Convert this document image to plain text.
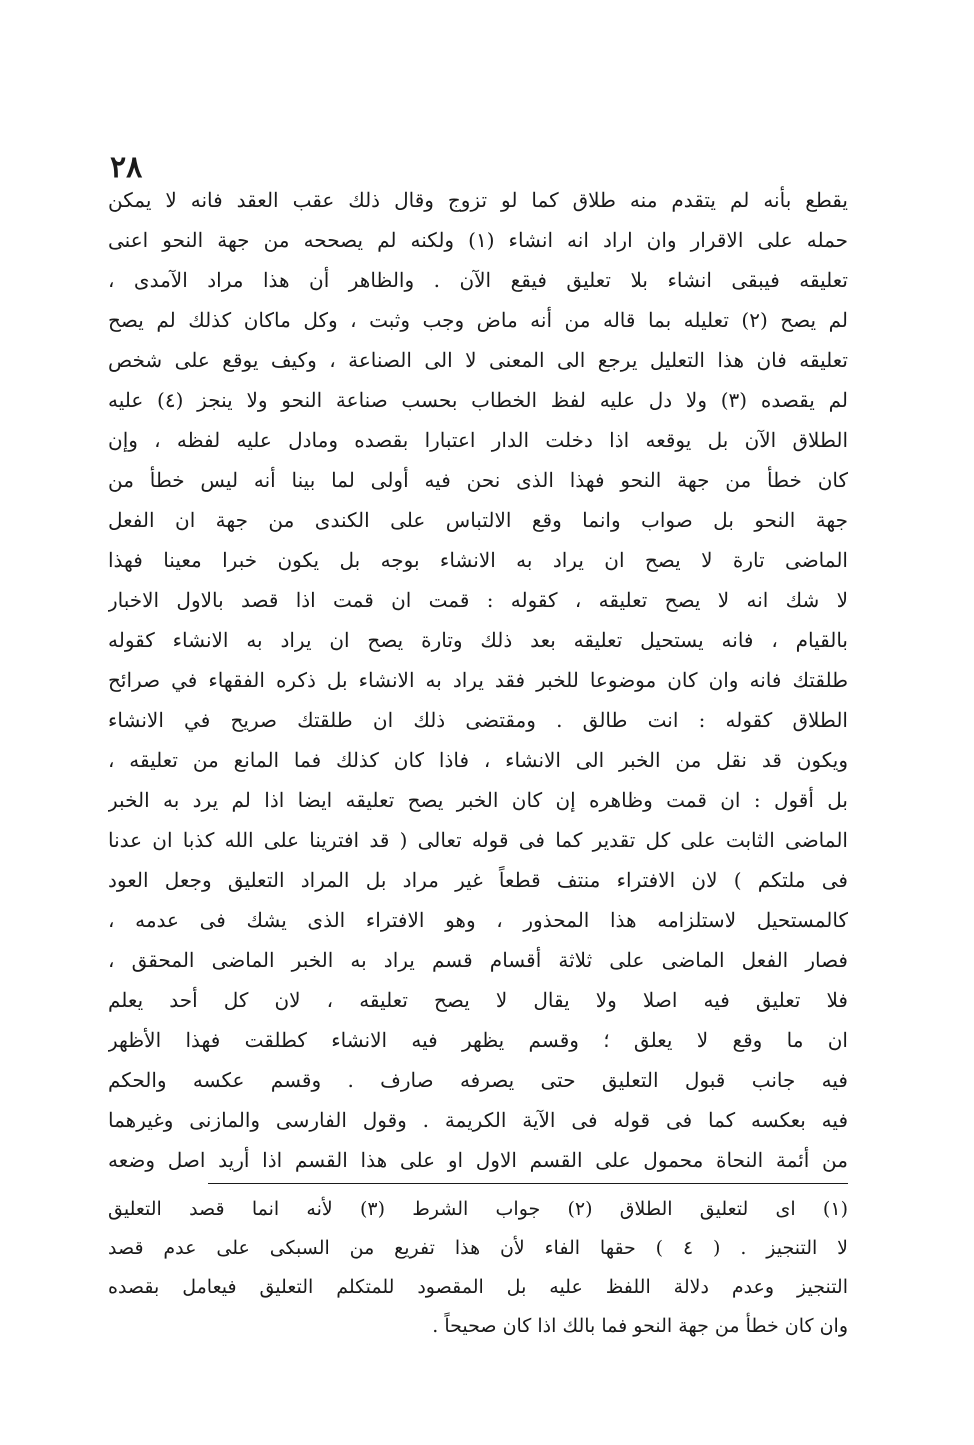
٢٨
يقطع بأنه لم يتقدم منه طلاق كما لو تزوج وقال ذلك عقب العقد فانه لا يمكن
حمله على الاقرار وان اراد انه انشاء (١) ولكنه لم يصححه من جهة النحو اعنى
تعليقه فيبقى انشاء بلا تعليق فيقع الآن . والظاهر أن هذا مراد الآمدى ،
لم يصح (٢) تعليله بما قاله من أنه ماض وجب وثبت ، وكل ماكان كذلك لم يصح
تعليقه فان هذا التعليل يرجع الى المعنى لا الى الصناعة ، وكيف يوقع على شخص
لم يقصده (٣) ولا دل عليه لفظ الخطاب بحسب صناعة النحو ولا ينجز (٤) عليه
الطلاق الآن بل يوقعه اذا دخلت الدار اعتبارا بقصده ومادل عليه لفظه ، وإن
كان خطأ من جهة النحو فهذا الذى نحن فيه أولى لما بينا أنه ليس خطأ من
جهة النحو بل صواب وانما وقع الالتباس على الكندى من جهة ان الفعل
الماضى تارة لا يصح ان يراد به الانشاء بوجه بل يكون خبرا معينا فهذا
لا شك انه لا يصح تعليقه ، كقوله : قمت ان قمت اذا قصد بالاول الاخبار
بالقيام ، فانه يستحيل تعليقه بعد ذلك وتارة يصح ان يراد به الانشاء كقوله
طلقتك فانه وان كان موضوعا للخبر فقد يراد به الانشاء بل ذكره الفقهاء في صرائح
الطلاق كقوله : انت طالق . ومقتضى ذلك ان طلقتك صريح في الانشاء
ويكون قد نقل من الخبر الى الانشاء ، فاذا كان كذلك فما المانع من تعليقه ،
بل أقول : ان قمت وظاهره إن كان الخبر يصح تعليقه ايضا اذا لم يرد به الخبر
الماضى الثابت على كل تقدير كما فى قوله تعالى ( قد افترينا على الله كذبا ان عدنا
فى ملتكم ) لان الافتراء منتف قطعاً غير مراد بل المراد التعليق وجعل العود
كالمستحيل لاستلزامه هذا المحذور ، وهو الافتراء الذى يشك فى عدمه ،
فصار الفعل الماضى على ثلاثة أقسام قسم يراد به الخبر الماضى المحقق ،
فلا تعليق فيه اصلا ولا يقال لا يصح تعليقه ، لان كل أحد يعلم
ان ما وقع لا يعلق ؛ وقسم يظهر فيه الانشاء كطلقت فهذا الأظهر
فيه جانب قبول التعليق حتى يصرفه صارف . وقسم عكسه والحكم
فيه بعكسه كما فى قوله فى الآية الكريمة . وقول الفارسى والمازنى وغيرهما
من أئمة النحاة محمول على القسم الاول او على هذا القسم اذا أريد اصل وضعه
(١) اى لتعليق الطلاق (٢) جواب الشرط (٣) لأنه انما قصد التعليق
لا التنجيز . ( ٤ ) حقها الفاء لأن هذا تفريع من السبكى على عدم قصد
التنجيز وعدم دلالة اللفظ عليه بل المقصود للمتكلم التعليق فيعامل بقصده
وان كان خطأ من جهة النحو فما بالك اذا كان صحيحاً .
